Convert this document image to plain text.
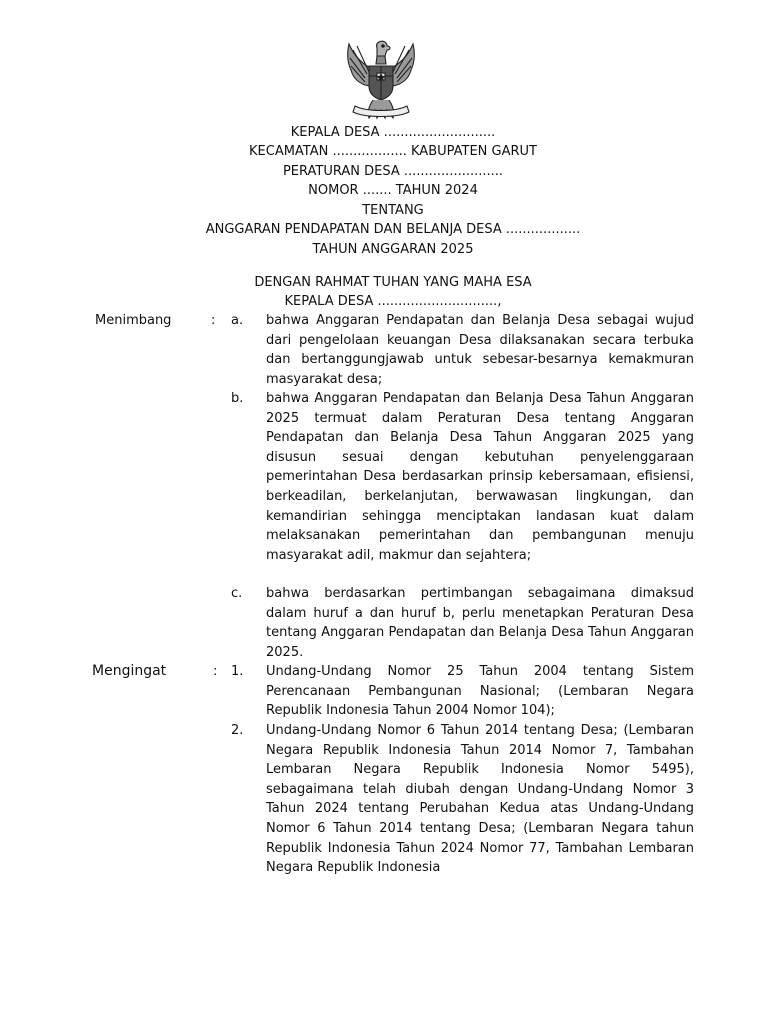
KEPALA DESA ...........................
KECAMATAN .................. KABUPATEN GARUT
PERATURAN DESA ........................
NOMOR ....... TAHUN 2024
TENTANG
ANGGARAN PENDAPATAN DAN BELANJA DESA ..................
TAHUN ANGGARAN 2025
DENGAN RAHMAT TUHAN YANG MAHA ESA
KEPALA DESA .............................,
Menimbang	: a. bahwa Anggaran Pendapatan dan Belanja Desa sebagai wujud dari pengelolaan keuangan Desa dilaksanakan secara terbuka dan bertanggungjawab untuk sebesar-besarnya kemakmuran masyarakat desa;
b. bahwa Anggaran Pendapatan dan Belanja Desa Tahun Anggaran 2025 termuat dalam Peraturan Desa tentang Anggaran Pendapatan dan Belanja Desa Tahun Anggaran 2025 yang disusun sesuai dengan kebutuhan penyelenggaraan pemerintahan Desa berdasarkan prinsip kebersamaan, efisiensi, berkeadilan, berkelanjutan, berwawasan lingkungan, dan kemandirian sehingga menciptakan landasan kuat dalam melaksanakan pemerintahan dan pembangunan menuju masyarakat adil, makmur dan sejahtera;
c. bahwa berdasarkan pertimbangan sebagaimana dimaksud dalam huruf a dan huruf b, perlu menetapkan Peraturan Desa tentang Anggaran Pendapatan dan Belanja Desa Tahun Anggaran 2025.
Mengingat	: 1. Undang-Undang Nomor 25 Tahun 2004 tentang Sistem Perencanaan Pembangunan Nasional; (Lembaran Negara Republik Indonesia Tahun 2004 Nomor 104);
2. Undang-Undang Nomor 6 Tahun 2014 tentang Desa; (Lembaran Negara Republik Indonesia Tahun 2014 Nomor 7, Tambahan Lembaran Negara Republik Indonesia Nomor 5495), sebagaimana telah diubah dengan Undang-Undang Nomor 3 Tahun 2024 tentang Perubahan Kedua atas Undang-Undang Nomor 6 Tahun 2014 tentang Desa; (Lembaran Negara tahun Republik Indonesia Tahun 2024 Nomor 77, Tambahan Lembaran Negara Republik Indonesia
